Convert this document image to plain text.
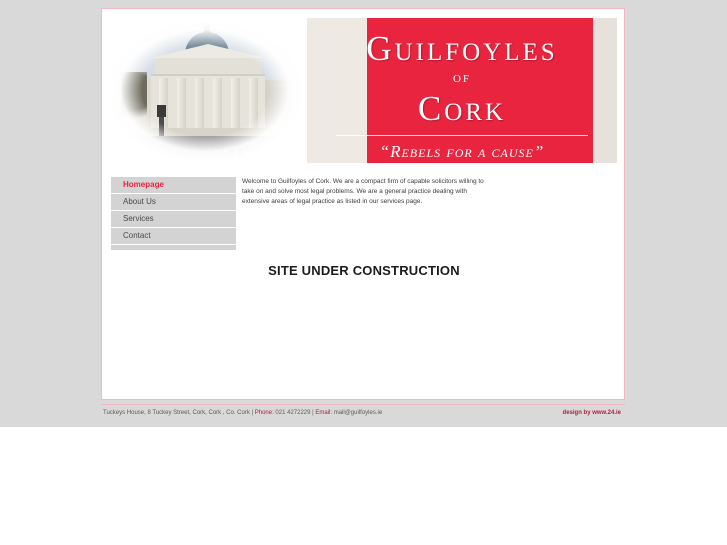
Guilfoyles
of
Cork
“Rebels for a cause”
Homepage
About Us
Services
Contact
Welcome to Guilfoyles of Cork. We are a compact firm of capable solicitors willing to take on and solve most legal problems. We are a general practice dealing with extensive areas of legal practice as listed in our services page.
SITE UNDER CONSTRUCTION
Tuckeys House, 8 Tuckey Street, Cork, Cork , Co. Cork | Phone: 021 4272229 | Email: mail@guilfoyles.ie	design by www.24.ie
